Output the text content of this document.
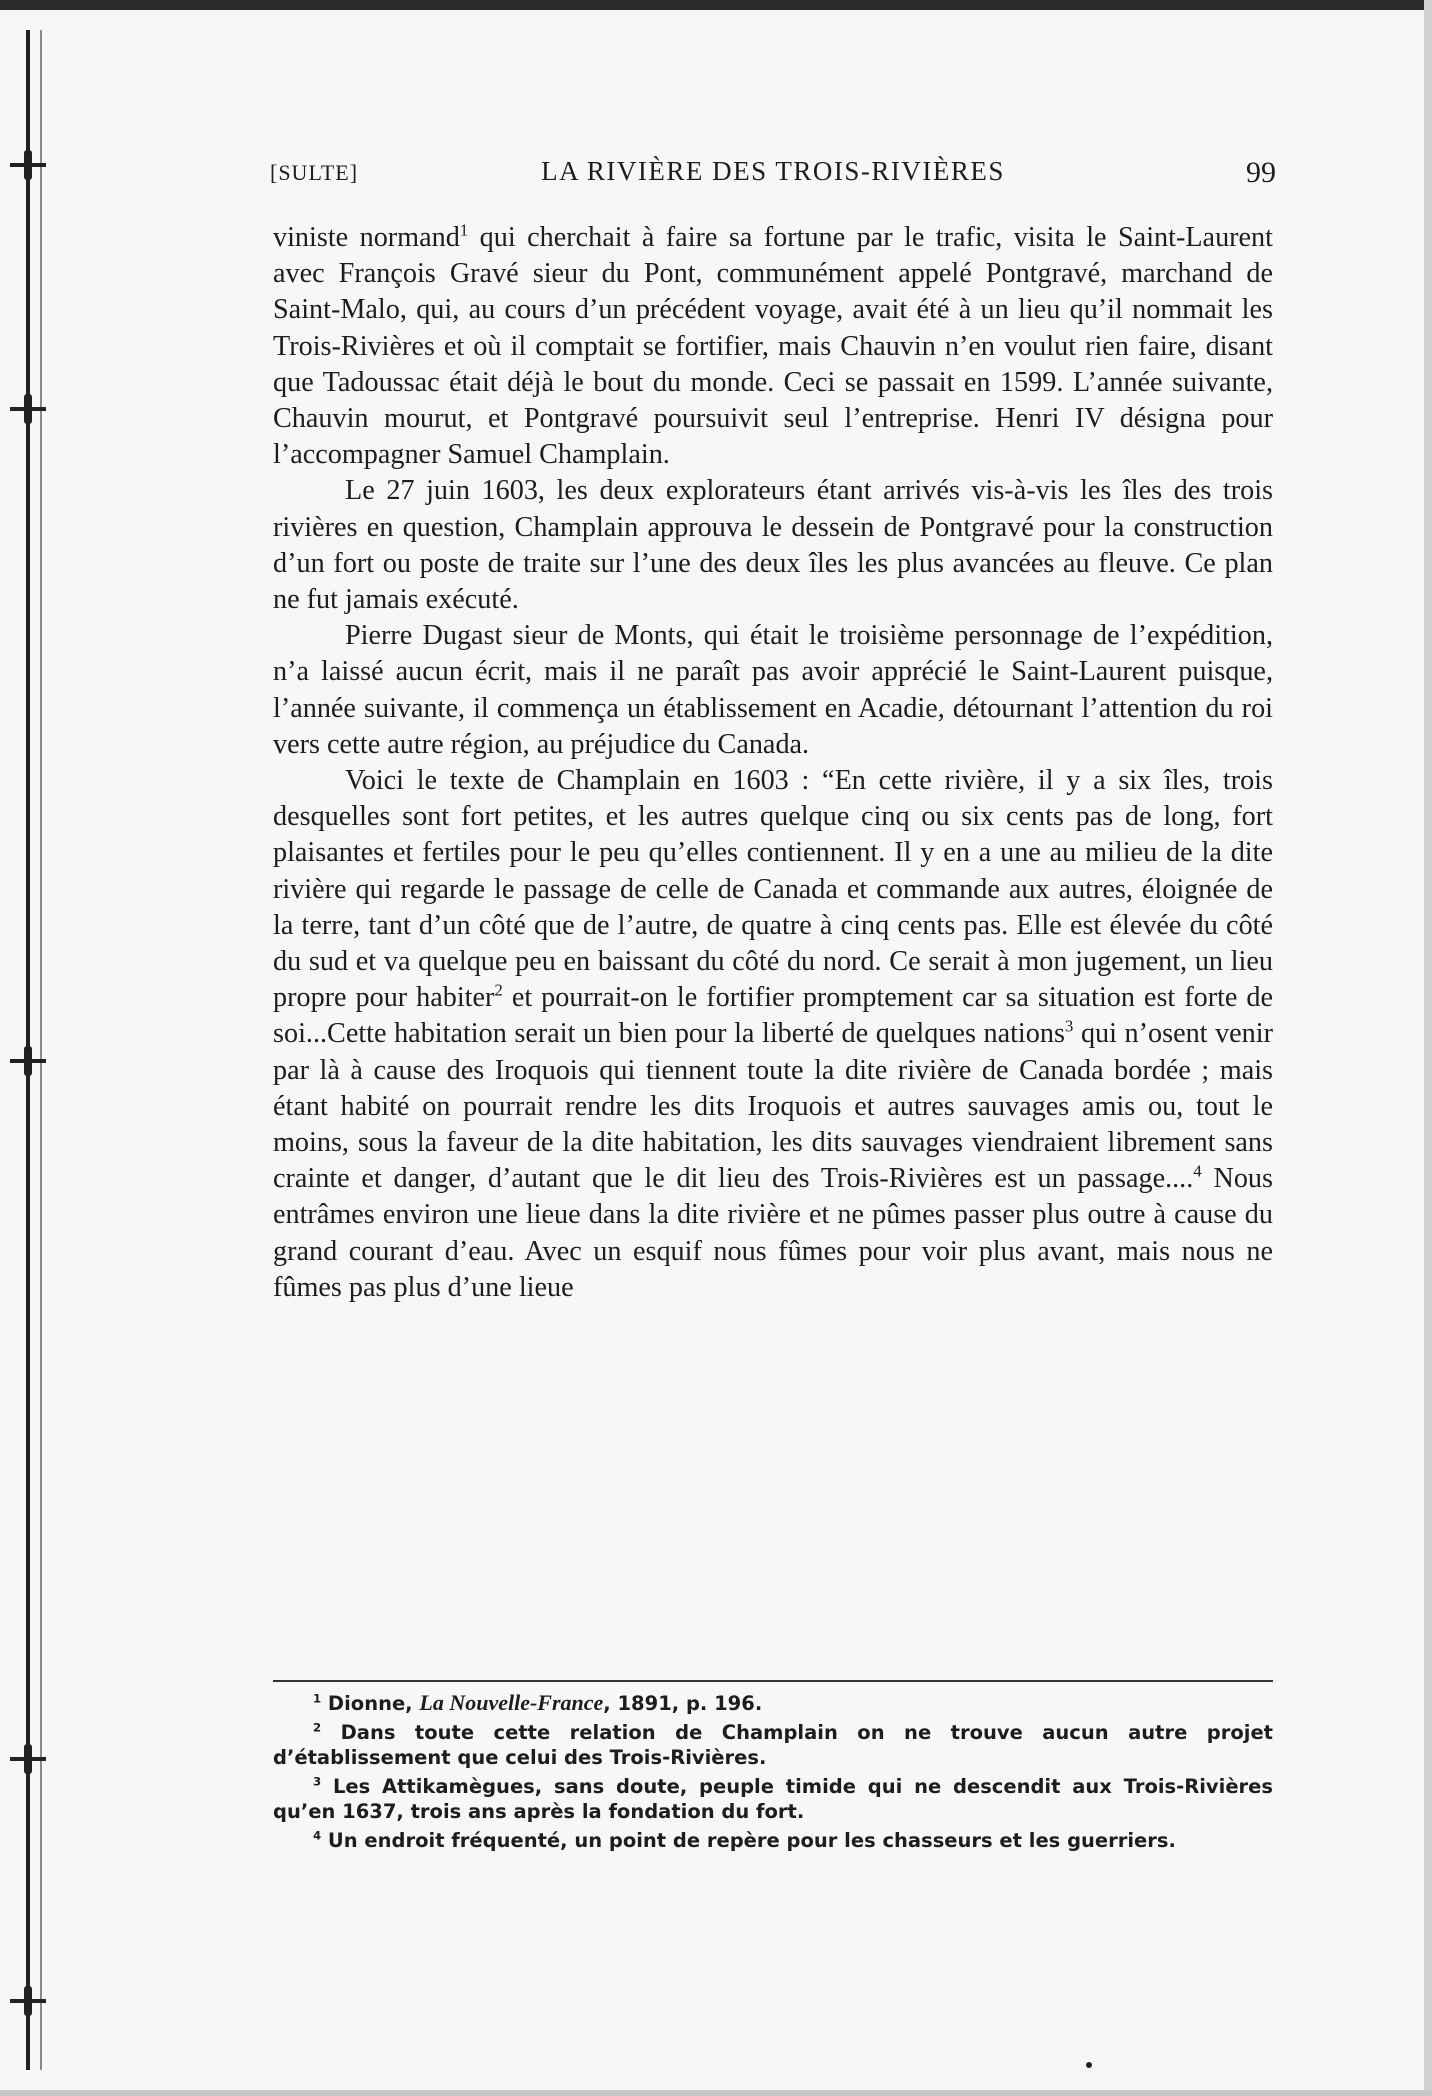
[SULTE]	LA RIVIÈRE DES TROIS-RIVIÈRES	99

viniste normand$^1$ qui cherchait à faire sa fortune par le trafic, visita le Saint-Laurent avec François Gravé sieur du Pont, communément appelé Pontgravé, marchand de Saint-Malo, qui, au cours d’un précédent voyage, avait été à un lieu qu’il nommait les Trois-Rivières et où il comptait se fortifier, mais Chauvin n’en voulut rien faire, disant que Tadoussac était déjà le bout du monde. Ceci se passait en 1599. L’année suivante, Chauvin mourut, et Pontgravé poursuivit seul l’entreprise. Henri IV désigna pour l’accompagner Samuel Champlain.

Le 27 juin 1603, les deux explorateurs étant arrivés vis-à-vis les îles des trois rivières en question, Champlain approuva le dessein de Pontgravé pour la construction d’un fort ou poste de traite sur l’une des deux îles les plus avancées au fleuve. Ce plan ne fut jamais exécuté.

Pierre Dugast sieur de Monts, qui était le troisième personnage de l’expédition, n’a laissé aucun écrit, mais il ne paraît pas avoir apprécié le Saint-Laurent puisque, l’année suivante, il commença un établissement en Acadie, détournant l’attention du roi vers cette autre région, au préjudice du Canada.

Voici le texte de Champlain en 1603 : “En cette rivière, il y a six îles, trois desquelles sont fort petites, et les autres quelque cinq ou six cents pas de long, fort plaisantes et fertiles pour le peu qu’elles contiennent. Il y en a une au milieu de la dite rivière qui regarde le passage de celle de Canada et commande aux autres, éloignée de la terre, tant d’un côté que de l’autre, de quatre à cinq cents pas. Elle est élevée du côté du sud et va quelque peu en baissant du côté du nord. Ce serait à mon jugement, un lieu propre pour habiter$^2$ et pourrait-on le fortifier promptement car sa situation est forte de soi...Cette habitation serait un bien pour la liberté de quelques nations$^3$ qui n’osent venir par là à cause des Iroquois qui tiennent toute la dite rivière de Canada bordée ; mais étant habité on pourrait rendre les dits Iroquois et autres sauvages amis ou, tout le moins, sous la faveur de la dite habitation, les dits sauvages viendraient librement sans crainte et danger, d’autant que le dit lieu des Trois-Rivières est un passage....$^4$ Nous entrâmes environ une lieue dans la dite rivière et ne pûmes passer plus outre à cause du grand courant d’eau. Avec un esquif nous fûmes pour voir plus avant, mais nous ne fûmes pas plus d’une lieue

$^1$ Dionne, La Nouvelle-France, 1891, p. 196.

$^2$ Dans toute cette relation de Champlain on ne trouve aucun autre projet d’établissement que celui des Trois-Rivières.

$^3$ Les Attikamègues, sans doute, peuple timide qui ne descendit aux Trois-Rivières qu’en 1637, trois ans après la fondation du fort.

$^4$ Un endroit fréquenté, un point de repère pour les chasseurs et les guerriers.
